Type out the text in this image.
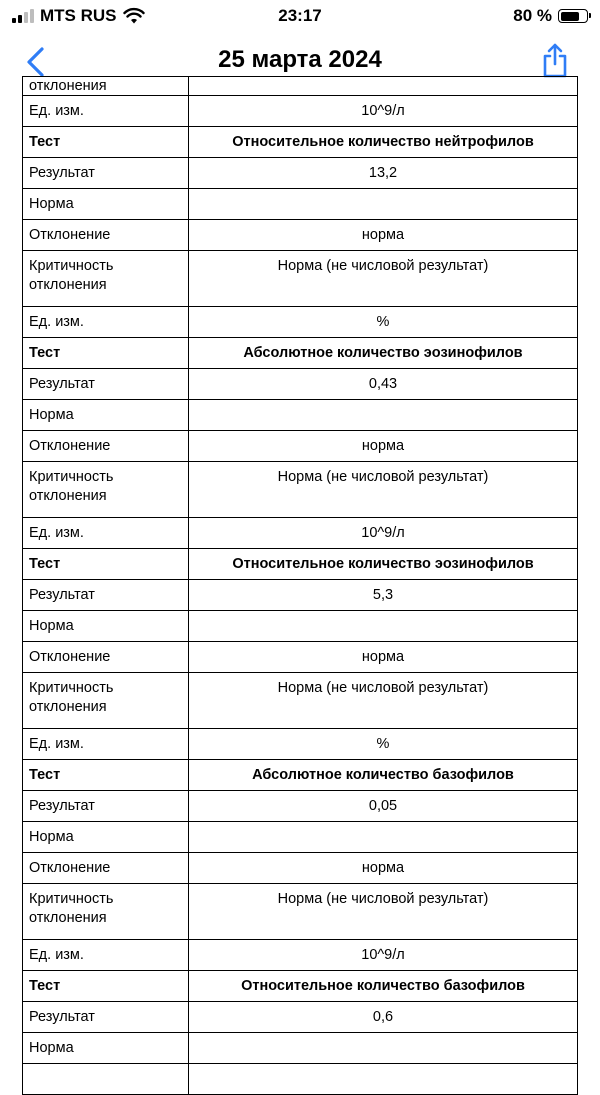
MTS RUS	23:17	80 %
25 марта 2024
отклонения	
Ед. изм.	10^9/л
Тест	Относительное количество нейтрофилов
Результат	13,2
Норма	
Отклонение	норма
Критичность отклонения	Норма (не числовой результат)
Ед. изм.	%
Тест	Абсолютное количество эозинофилов
Результат	0,43
Норма	
Отклонение	норма
Критичность отклонения	Норма (не числовой результат)
Ед. изм.	10^9/л
Тест	Относительное количество эозинофилов
Результат	5,3
Норма	
Отклонение	норма
Критичность отклонения	Норма (не числовой результат)
Ед. изм.	%
Тест	Абсолютное количество базофилов
Результат	0,05
Норма	
Отклонение	норма
Критичность отклонения	Норма (не числовой результат)
Ед. изм.	10^9/л
Тест	Относительное количество базофилов
Результат	0,6
Норма	
